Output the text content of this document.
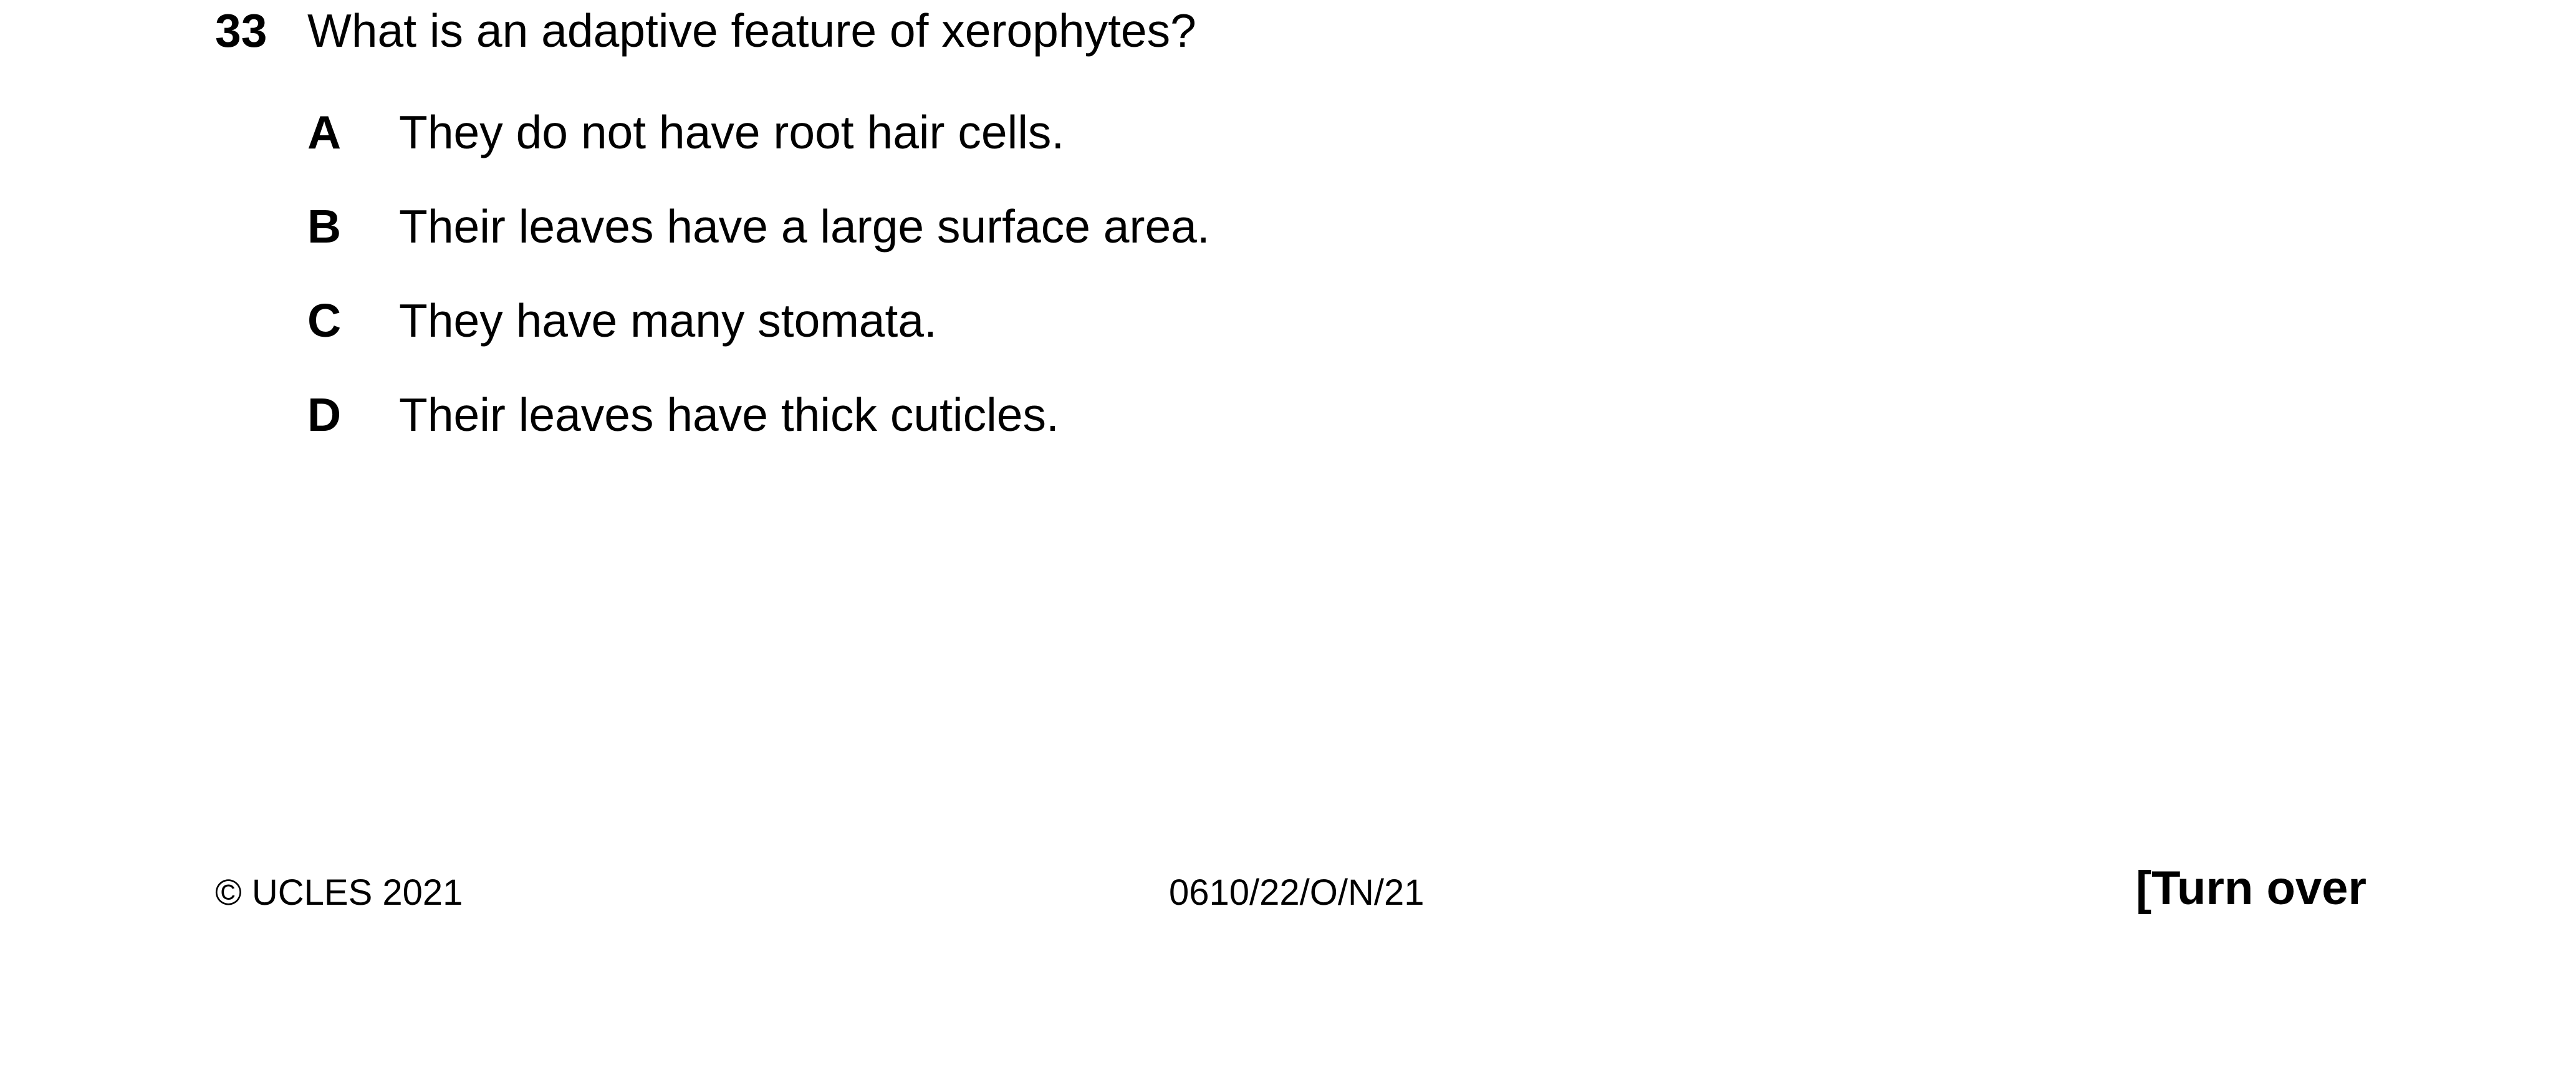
33 What is an adaptive feature of xerophytes?
A They do not have root hair cells.
B Their leaves have a large surface area.
C They have many stomata.
D Their leaves have thick cuticles.
© UCLES 2021	0610/22/O/N/21	[Turn over
